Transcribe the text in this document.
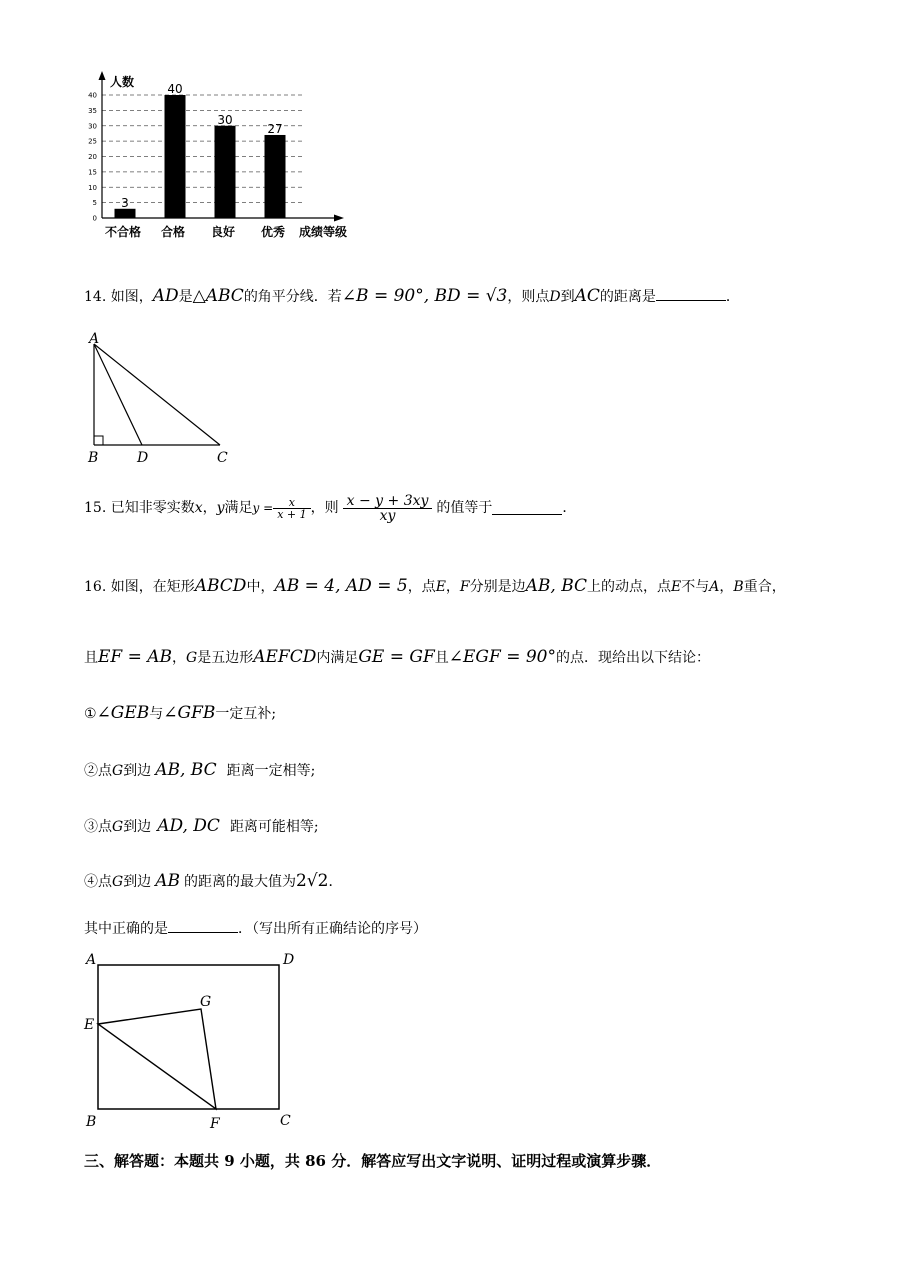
0
5
10
15
20
25
30
35
40
人数
成绩等级
3
不合格
40
合格
30
良好
27
优秀
14. 如图，AD是△ABC的角平分线．若∠B = 90°, BD = √3，则点D到AC的距离是	．
A
B	D	C
15. 已知非零实数 x ， y 满足 $y = \frac{x}{x + 1}$ ，则 $\frac{x - y + 3xy}{xy}$ 的值等于	．
16. 如图，在矩形ABCD中，AB = 4, AD = 5，点E，F分别是边AB, BC上的动点，点E不与A，B重合，
且EF = AB，G是五边形AEFCD内满足GE = GF且∠EGF = 90°的点．现给出以下结论：
①∠GEB与∠GFB一定互补;
②点G到边 AB, BC 距离一定相等;
③点G到边 AD, DC 距离可能相等;
④点G到边 AB 的距离的最大值为2√2．
其中正确的是	．（写出所有正确结论的序号）
A	D
G
E
B	F	C
三、解答题：本题共 9 小题，共 86 分．解答应写出文字说明、证明过程或演算步骤．
